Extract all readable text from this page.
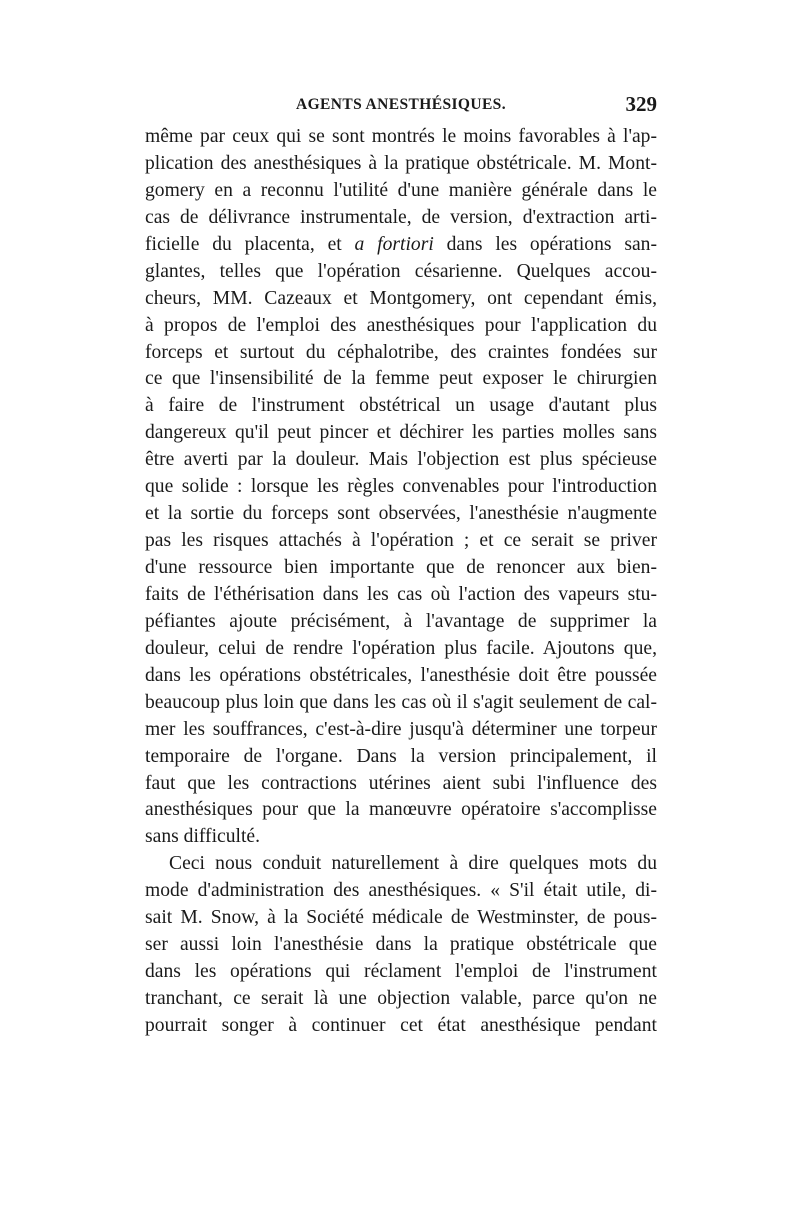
AGENTS ANESTHÉSIQUES.	329
même par ceux qui se sont montrés le moins favorables à l'ap-
plication des anesthésiques à la pratique obstétricale. M. Mont-
gomery en a reconnu l'utilité d'une manière générale dans le
cas de délivrance instrumentale, de version, d'extraction arti-
ficielle du placenta, et a fortiori dans les opérations san-
glantes, telles que l'opération césarienne. Quelques accou-
cheurs, MM. Cazeaux et Montgomery, ont cependant émis,
à propos de l'emploi des anesthésiques pour l'application du
forceps et surtout du céphalotribe, des craintes fondées sur
ce que l'insensibilité de la femme peut exposer le chirurgien
à faire de l'instrument obstétrical un usage d'autant plus
dangereux qu'il peut pincer et déchirer les parties molles sans
être averti par la douleur. Mais l'objection est plus spécieuse
que solide : lorsque les règles convenables pour l'introduction
et la sortie du forceps sont observées, l'anesthésie n'augmente
pas les risques attachés à l'opération ; et ce serait se priver
d'une ressource bien importante que de renoncer aux bien-
faits de l'éthérisation dans les cas où l'action des vapeurs stu-
péfiantes ajoute précisément, à l'avantage de supprimer la
douleur, celui de rendre l'opération plus facile. Ajoutons que,
dans les opérations obstétricales, l'anesthésie doit être poussée
beaucoup plus loin que dans les cas où il s'agit seulement de cal-
mer les souffrances, c'est-à-dire jusqu'à déterminer une torpeur
temporaire de l'organe. Dans la version principalement, il
faut que les contractions utérines aient subi l'influence des
anesthésiques pour que la manœuvre opératoire s'accomplisse
sans difficulté.
Ceci nous conduit naturellement à dire quelques mots du
mode d'administration des anesthésiques. « S'il était utile, di-
sait M. Snow, à la Société médicale de Westminster, de pous-
ser aussi loin l'anesthésie dans la pratique obstétricale que
dans les opérations qui réclament l'emploi de l'instrument
tranchant, ce serait là une objection valable, parce qu'on ne
pourrait songer à continuer cet état anesthésique pendant
